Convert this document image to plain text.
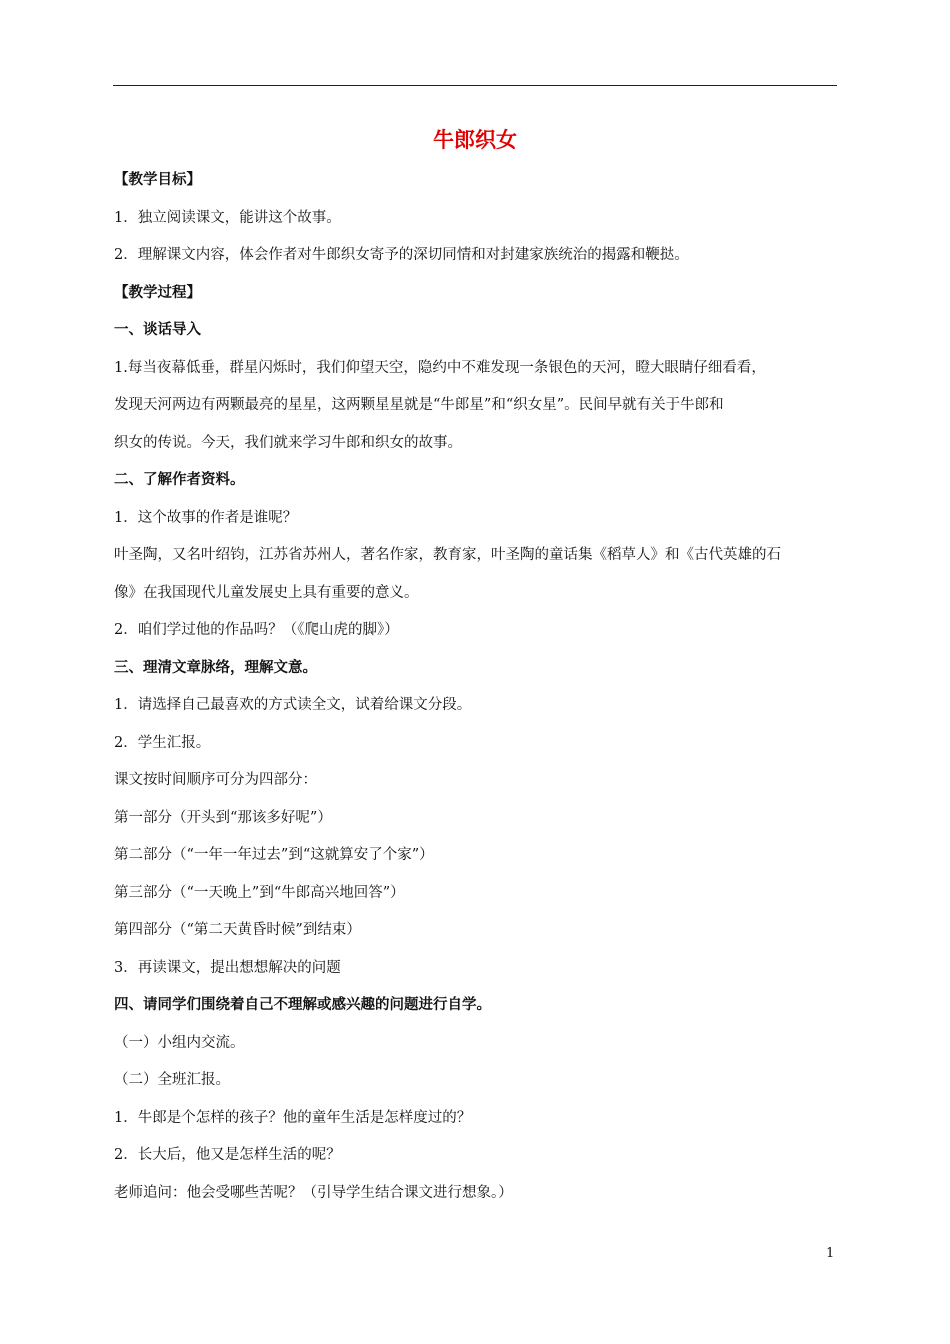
牛郎织女

【教学目标】

1．独立阅读课文，能讲这个故事。

2．理解课文内容，体会作者对牛郎织女寄予的深切同情和对封建家族统治的揭露和鞭挞。

【教学过程】

一、谈话导入

1.每当夜幕低垂，群星闪烁时，我们仰望天空，隐约中不难发现一条银色的天河，瞪大眼睛仔细看看，

发现天河两边有两颗最亮的星星，这两颗星星就是“牛郎星”和“织女星”。民间早就有关于牛郎和

织女的传说。今天，我们就来学习牛郎和织女的故事。

二、了解作者资料。

1．这个故事的作者是谁呢？

叶圣陶，又名叶绍钧，江苏省苏州人，著名作家，教育家，叶圣陶的童话集《稻草人》和《古代英雄的石

像》在我国现代儿童发展史上具有重要的意义。

2．咱们学过他的作品吗？（《爬山虎的脚》）

三、理清文章脉络，理解文意。

1．请选择自己最喜欢的方式读全文，试着给课文分段。

2．学生汇报。

课文按时间顺序可分为四部分：

第一部分（开头到“那该多好呢”）

第二部分（“一年一年过去”到“这就算安了个家”）

第三部分（“一天晚上”到“牛郎高兴地回答”）

第四部分（“第二天黄昏时候”到结束）

3．再读课文，提出想想解决的问题

四、请同学们围绕着自己不理解或感兴趣的问题进行自学。

（一）小组内交流。

（二）全班汇报。

1．牛郎是个怎样的孩子？他的童年生活是怎样度过的？

2．长大后，他又是怎样生活的呢？

老师追问：他会受哪些苦呢？（引导学生结合课文进行想象。）

1
